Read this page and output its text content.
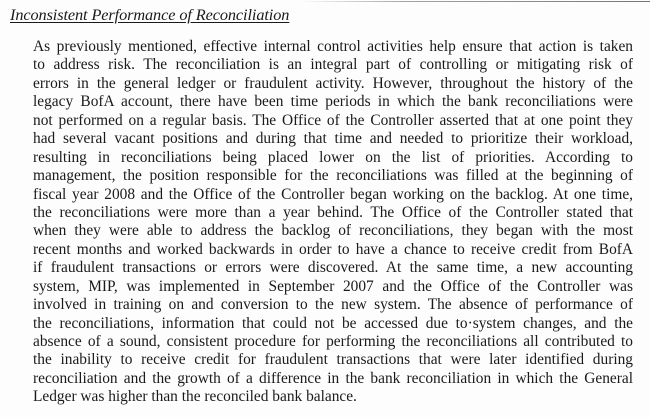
Inconsistent Performance of Reconciliation
As previously mentioned, effective internal control activities help ensure that action is taken
to address risk. The reconciliation is an integral part of controlling or mitigating risk of
errors in the general ledger or fraudulent activity. However, throughout the history of the
legacy BofA account, there have been time periods in which the bank reconciliations were
not performed on a regular basis. The Office of the Controller asserted that at one point they
had several vacant positions and during that time and needed to prioritize their workload,
resulting in reconciliations being placed lower on the list of priorities. According to
management, the position responsible for the reconciliations was filled at the beginning of
fiscal year 2008 and the Office of the Controller began working on the backlog. At one time,
the reconciliations were more than a year behind. The Office of the Controller stated that
when they were able to address the backlog of reconciliations, they began with the most
recent months and worked backwards in order to have a chance to receive credit from BofA
if fraudulent transactions or errors were discovered. At the same time, a new accounting
system, MIP, was implemented in September 2007 and the Office of the Controller was
involved in training on and conversion to the new system. The absence of performance of
the reconciliations, information that could not be accessed due to·system changes, and the
absence of a sound, consistent procedure for performing the reconciliations all contributed to
the inability to receive credit for fraudulent transactions that were later identified during
reconciliation and the growth of a difference in the bank reconciliation in which the General
Ledger was higher than the reconciled bank balance.
